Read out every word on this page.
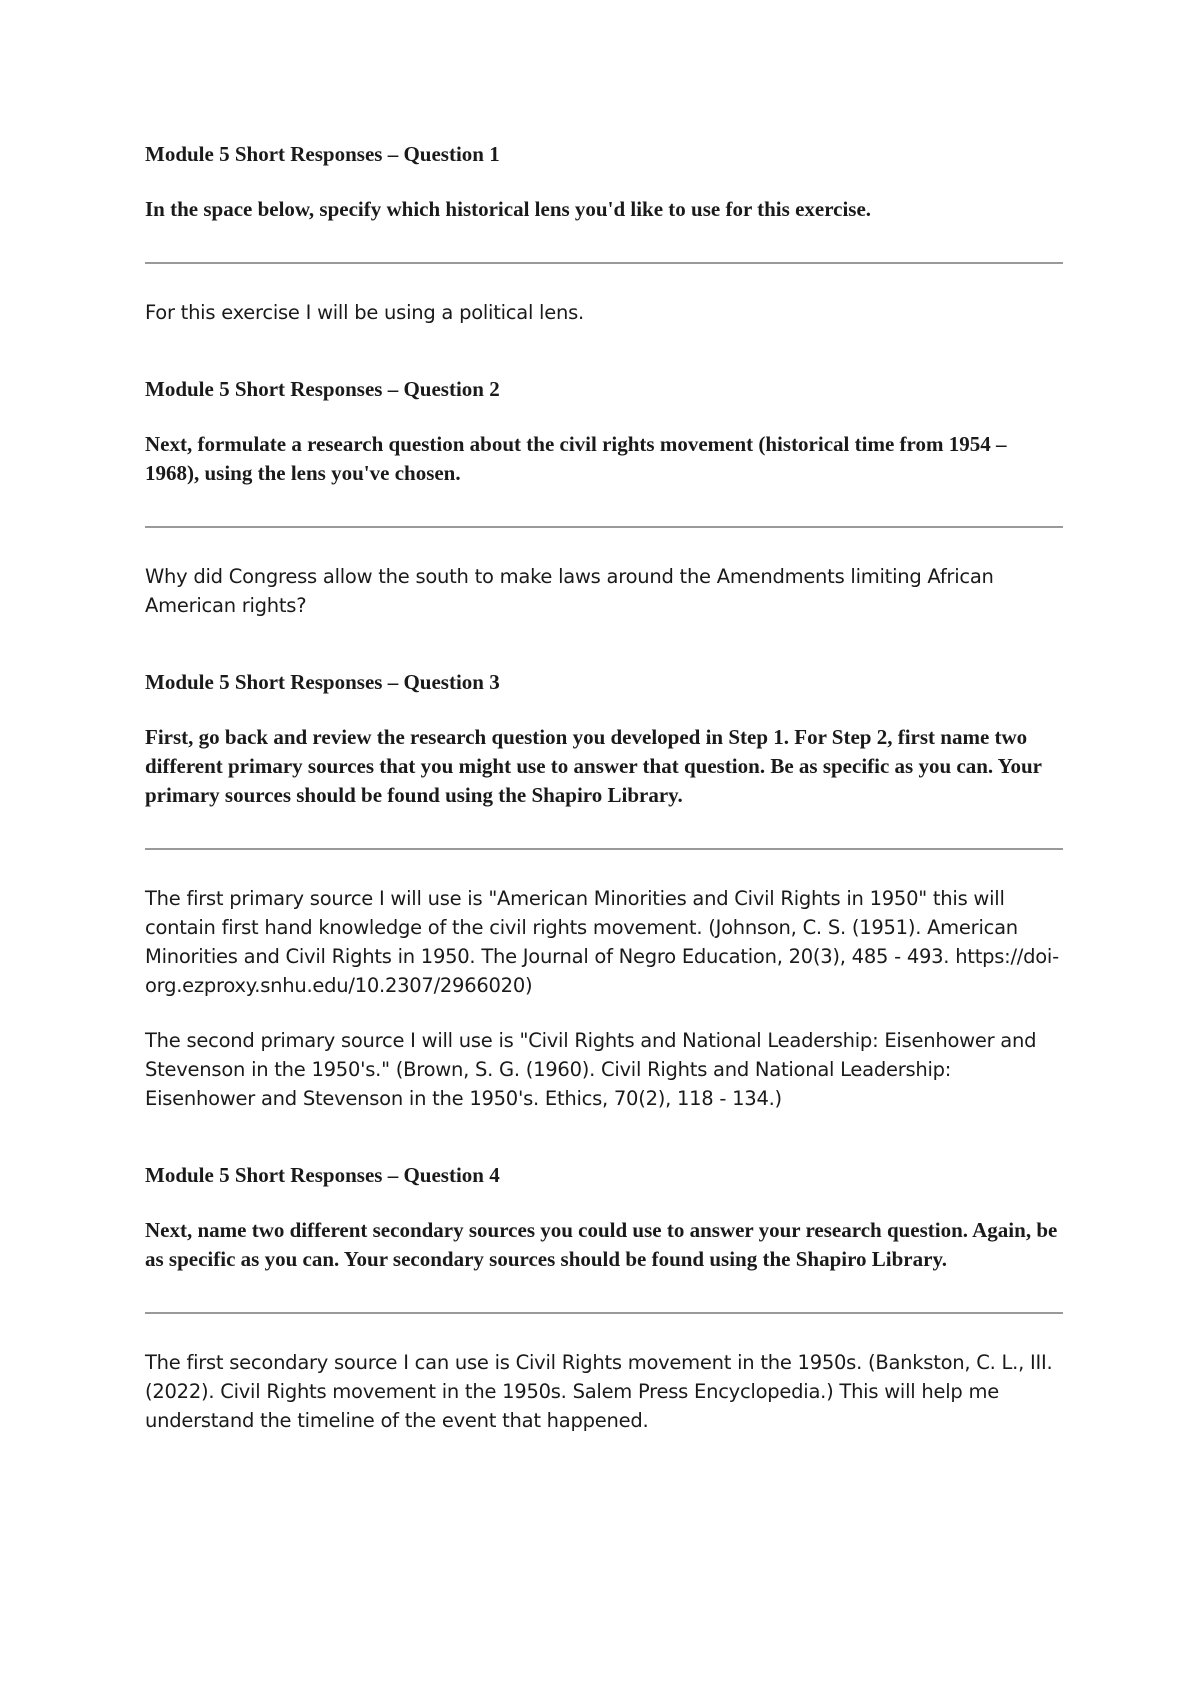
Module 5 Short Responses – Question 1

In the space below, specify which historical lens you'd like to use for this exercise.

For this exercise I will be using a political lens.

Module 5 Short Responses – Question 2

Next, formulate a research question about the civil rights movement (historical time from 1954 – 1968), using the lens you've chosen.

Why did Congress allow the south to make laws around the Amendments limiting African American rights?

Module 5 Short Responses – Question 3

First, go back and review the research question you developed in Step 1. For Step 2, first name two different primary sources that you might use to answer that question. Be as specific as you can. Your primary sources should be found using the Shapiro Library.

The first primary source I will use is "American Minorities and Civil Rights in 1950" this will contain first hand knowledge of the civil rights movement. (Johnson, C. S. (1951). American Minorities and Civil Rights in 1950. The Journal of Negro Education, 20(3), 485 - 493. https://doi-org.ezproxy.snhu.edu/10.2307/2966020)

The second primary source I will use is "Civil Rights and National Leadership: Eisenhower and Stevenson in the 1950's." (Brown, S. G. (1960). Civil Rights and National Leadership: Eisenhower and Stevenson in the 1950's. Ethics, 70(2), 118 - 134.)

Module 5 Short Responses – Question 4

Next, name two different secondary sources you could use to answer your research question. Again, be as specific as you can. Your secondary sources should be found using the Shapiro Library.

The first secondary source I can use is Civil Rights movement in the 1950s. (Bankston, C. L., III. (2022). Civil Rights movement in the 1950s. Salem Press Encyclopedia.) This will help me understand the timeline of the event that happened.
